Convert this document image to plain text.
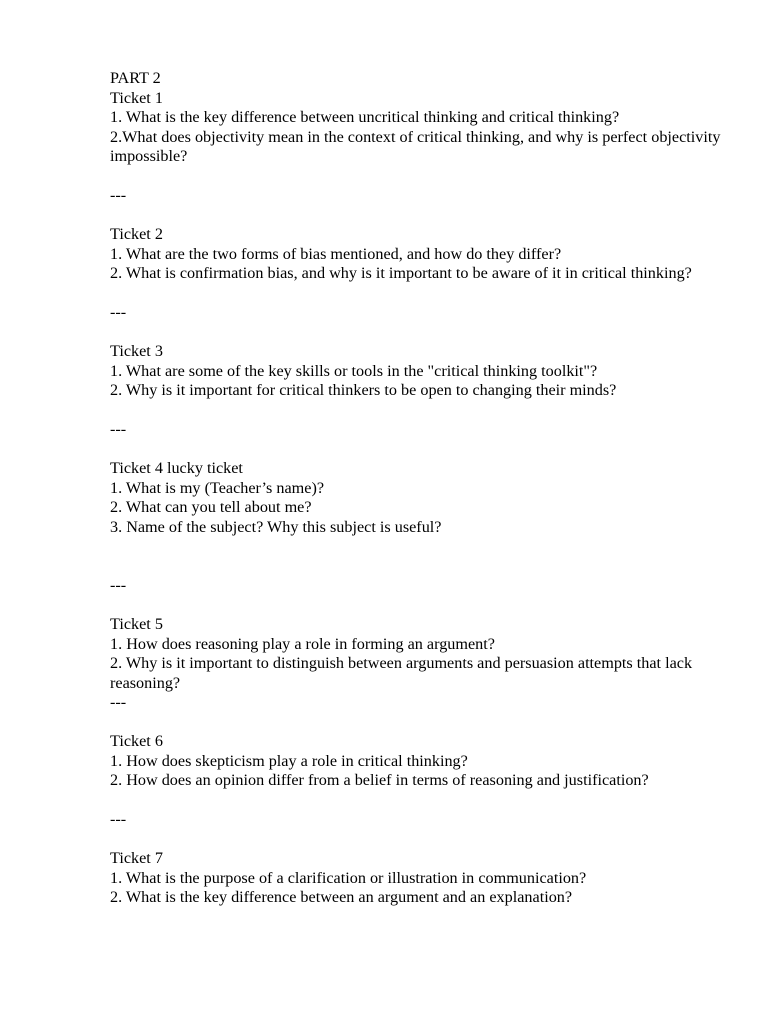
PART 2
Ticket 1
1. What is the key difference between uncritical thinking and critical thinking?
2.What does objectivity mean in the context of critical thinking, and why is perfect objectivity impossible?
---
Ticket 2
1. What are the two forms of bias mentioned, and how do they differ?
2. What is confirmation bias, and why is it important to be aware of it in critical thinking?
---
Ticket 3
1. What are some of the key skills or tools in the "critical thinking toolkit"?
2. Why is it important for critical thinkers to be open to changing their minds?
---
Ticket 4 lucky ticket
1. What is my (Teacher’s name)?
2. What can you tell about me?
3. Name of the subject? Why this subject is useful?
---
Ticket 5
1. How does reasoning play a role in forming an argument?
2. Why is it important to distinguish between arguments and persuasion attempts that lack reasoning?
---
Ticket 6
1. How does skepticism play a role in critical thinking?
2. How does an opinion differ from a belief in terms of reasoning and justification?
---
Ticket 7
1. What is the purpose of a clarification or illustration in communication?
2. What is the key difference between an argument and an explanation?
